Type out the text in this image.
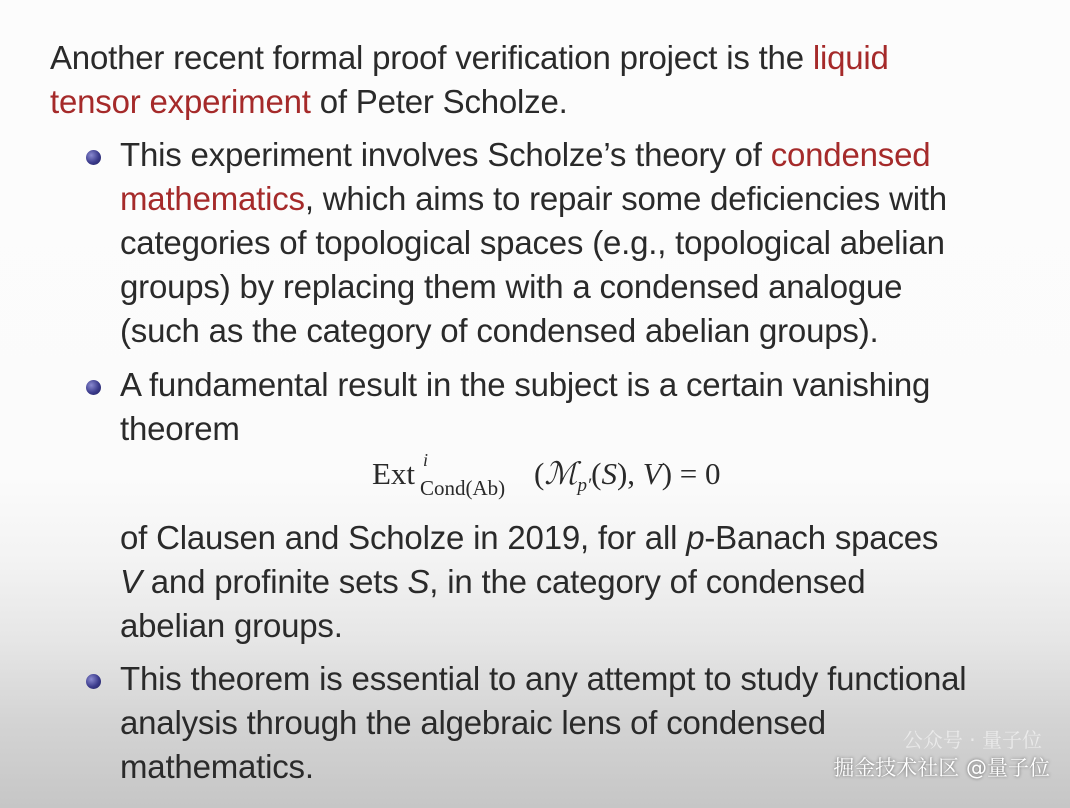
Another recent formal proof verification project is the liquid
tensor experiment of Peter Scholze.
This experiment involves Scholze’s theory of condensed
mathematics, which aims to repair some deficiencies with
categories of topological spaces (e.g., topological abelian
groups) by replacing them with a condensed analogue
(such as the category of condensed abelian groups).
A fundamental result in the subject is a certain vanishing
theorem
Ext i
Cond(Ab) (ℳ$_{p'}$(S), V) = 0
of Clausen and Scholze in 2019, for all p-Banach spaces
V and profinite sets S, in the category of condensed
abelian groups.
This theorem is essential to any attempt to study functional
analysis through the algebraic lens of condensed
mathematics.
公众号 · 量子位
掘金技术社区 @量子位
